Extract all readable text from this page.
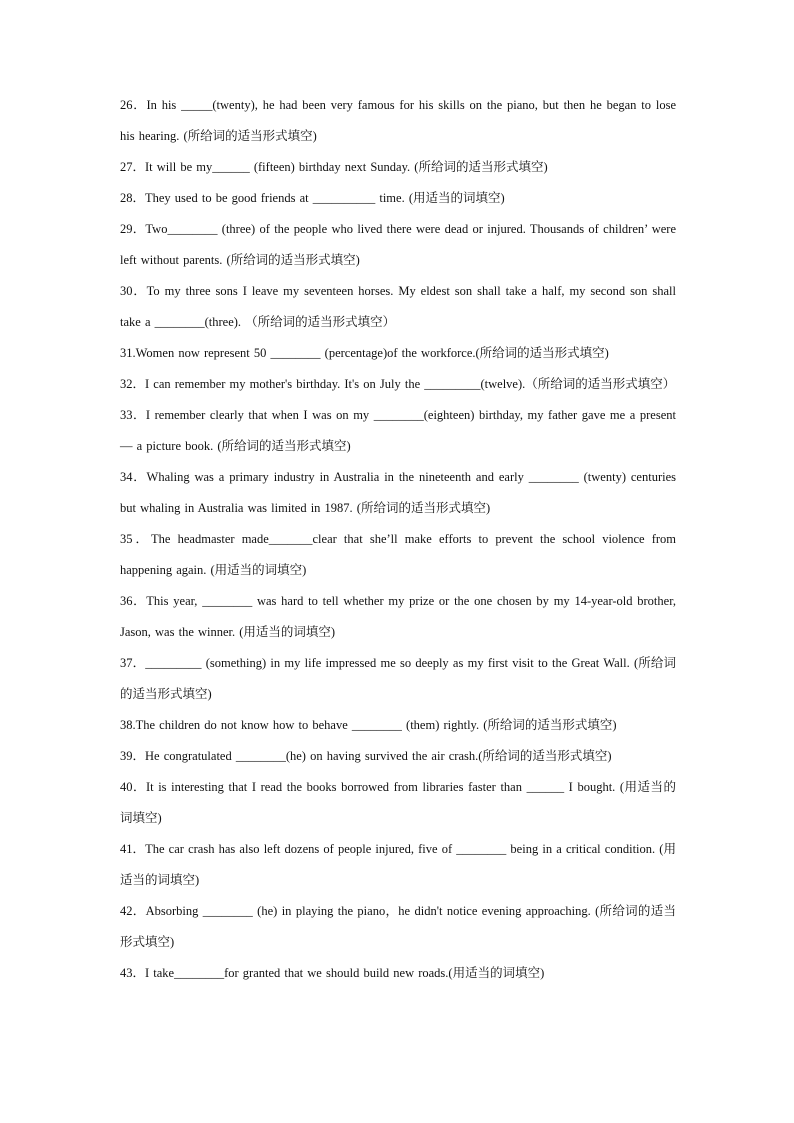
26．In his _____(twenty), he had been very famous for his skills on the piano, but then he began to lose his hearing. (所给词的适当形式填空)
27．It will be my______ (fifteen) birthday next Sunday. (所给词的适当形式填空)
28．They used to be good friends at __________ time. (用适当的词填空)
29．Two________ (three) of the people who lived there were dead or injured. Thousands of children’ were left without parents. (所给词的适当形式填空)
30．To my three sons I leave my seventeen horses. My eldest son shall take a half, my second son shall take a ________(three). （所给词的适当形式填空）
31.Women now represent 50 ________ (percentage)of the workforce.(所给词的适当形式填空)
32．I can remember my mother's birthday. It's on July the _________(twelve).（所给词的适当形式填空）
33．I remember clearly that when I was on my ________(eighteen) birthday, my father gave me a present — a picture book. (所给词的适当形式填空)
34．Whaling was a primary industry in Australia in the nineteenth and early ________ (twenty) centuries but whaling in Australia was limited in 1987. (所给词的适当形式填空)
35．The headmaster made_______clear that she’ll make efforts to prevent the school violence from happening again. (用适当的词填空)
36．This year, ________ was hard to tell whether my prize or the one chosen by my 14-year-old brother, Jason, was the winner. (用适当的词填空)
37．_________ (something) in my life impressed me so deeply as my first visit to the Great Wall. (所给词的适当形式填空)
38.The children do not know how to behave ________ (them) rightly. (所给词的适当形式填空)
39．He congratulated ________(he) on having survived the air crash.(所给词的适当形式填空)
40．It is interesting that I read the books borrowed from libraries faster than ______ I bought. (用适当的词填空)
41．The car crash has also left dozens of people injured, five of ________ being in a critical condition. (用适当的词填空)
42．Absorbing ________ (he) in playing the piano，he didn't notice evening approaching. (所给词的适当形式填空)
43．I take________for granted that we should build new roads.(用适当的词填空)
